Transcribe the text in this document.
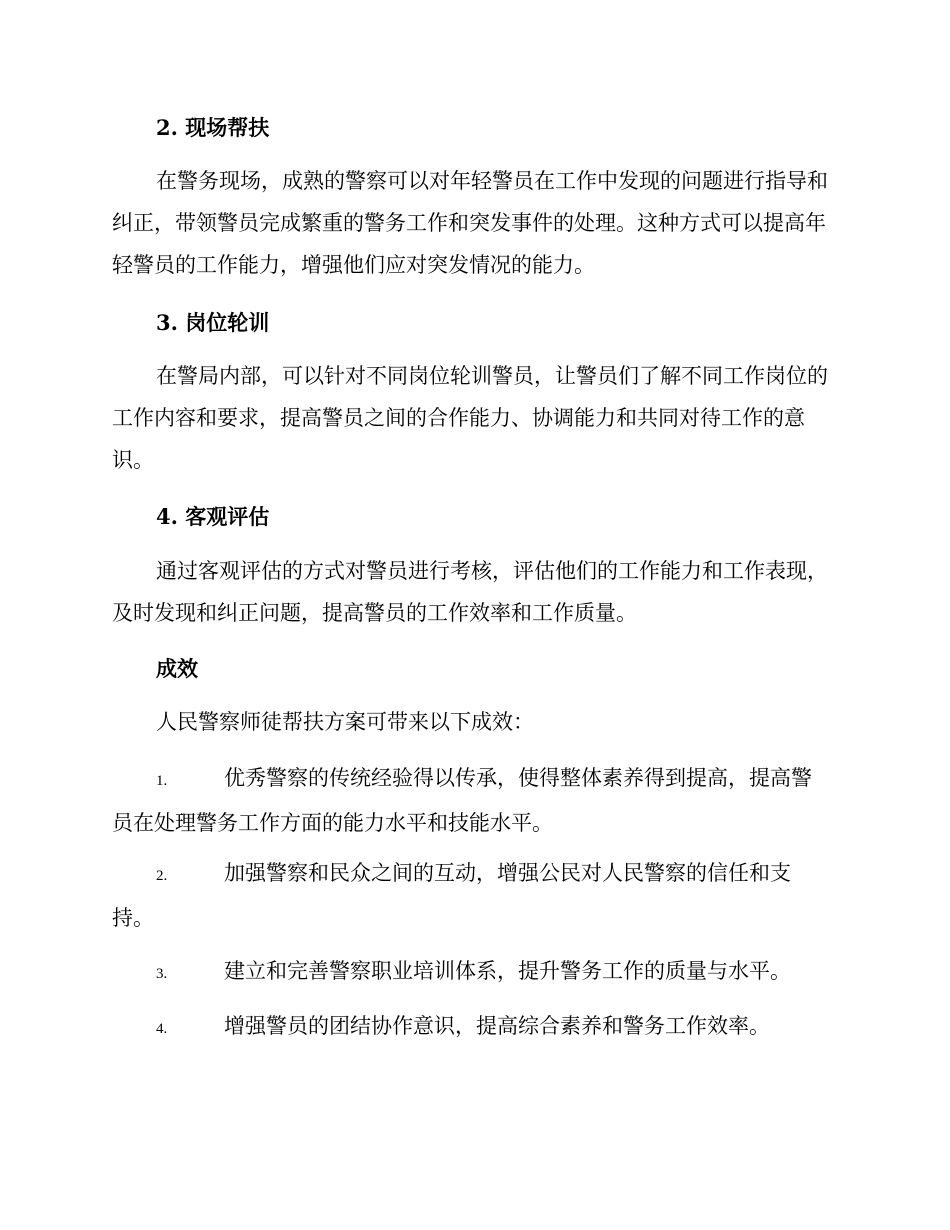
2. 现场帮扶

在警务现场，成熟的警察可以对年轻警员在工作中发现的问题进行指导和纠正，带领警员完成繁重的警务工作和突发事件的处理。这种方式可以提高年轻警员的工作能力，增强他们应对突发情况的能力。

3. 岗位轮训

在警局内部，可以针对不同岗位轮训警员，让警员们了解不同工作岗位的工作内容和要求，提高警员之间的合作能力、协调能力和共同对待工作的意识。

4. 客观评估

通过客观评估的方式对警员进行考核，评估他们的工作能力和工作表现，及时发现和纠正问题，提高警员的工作效率和工作质量。

成效

人民警察师徒帮扶方案可带来以下成效：

1.	优秀警察的传统经验得以传承，使得整体素养得到提高，提高警员在处理警务工作方面的能力水平和技能水平。
2.	加强警察和民众之间的互动，增强公民对人民警察的信任和支持。
3.	建立和完善警察职业培训体系，提升警务工作的质量与水平。
4.	增强警员的团结协作意识，提高综合素养和警务工作效率。
